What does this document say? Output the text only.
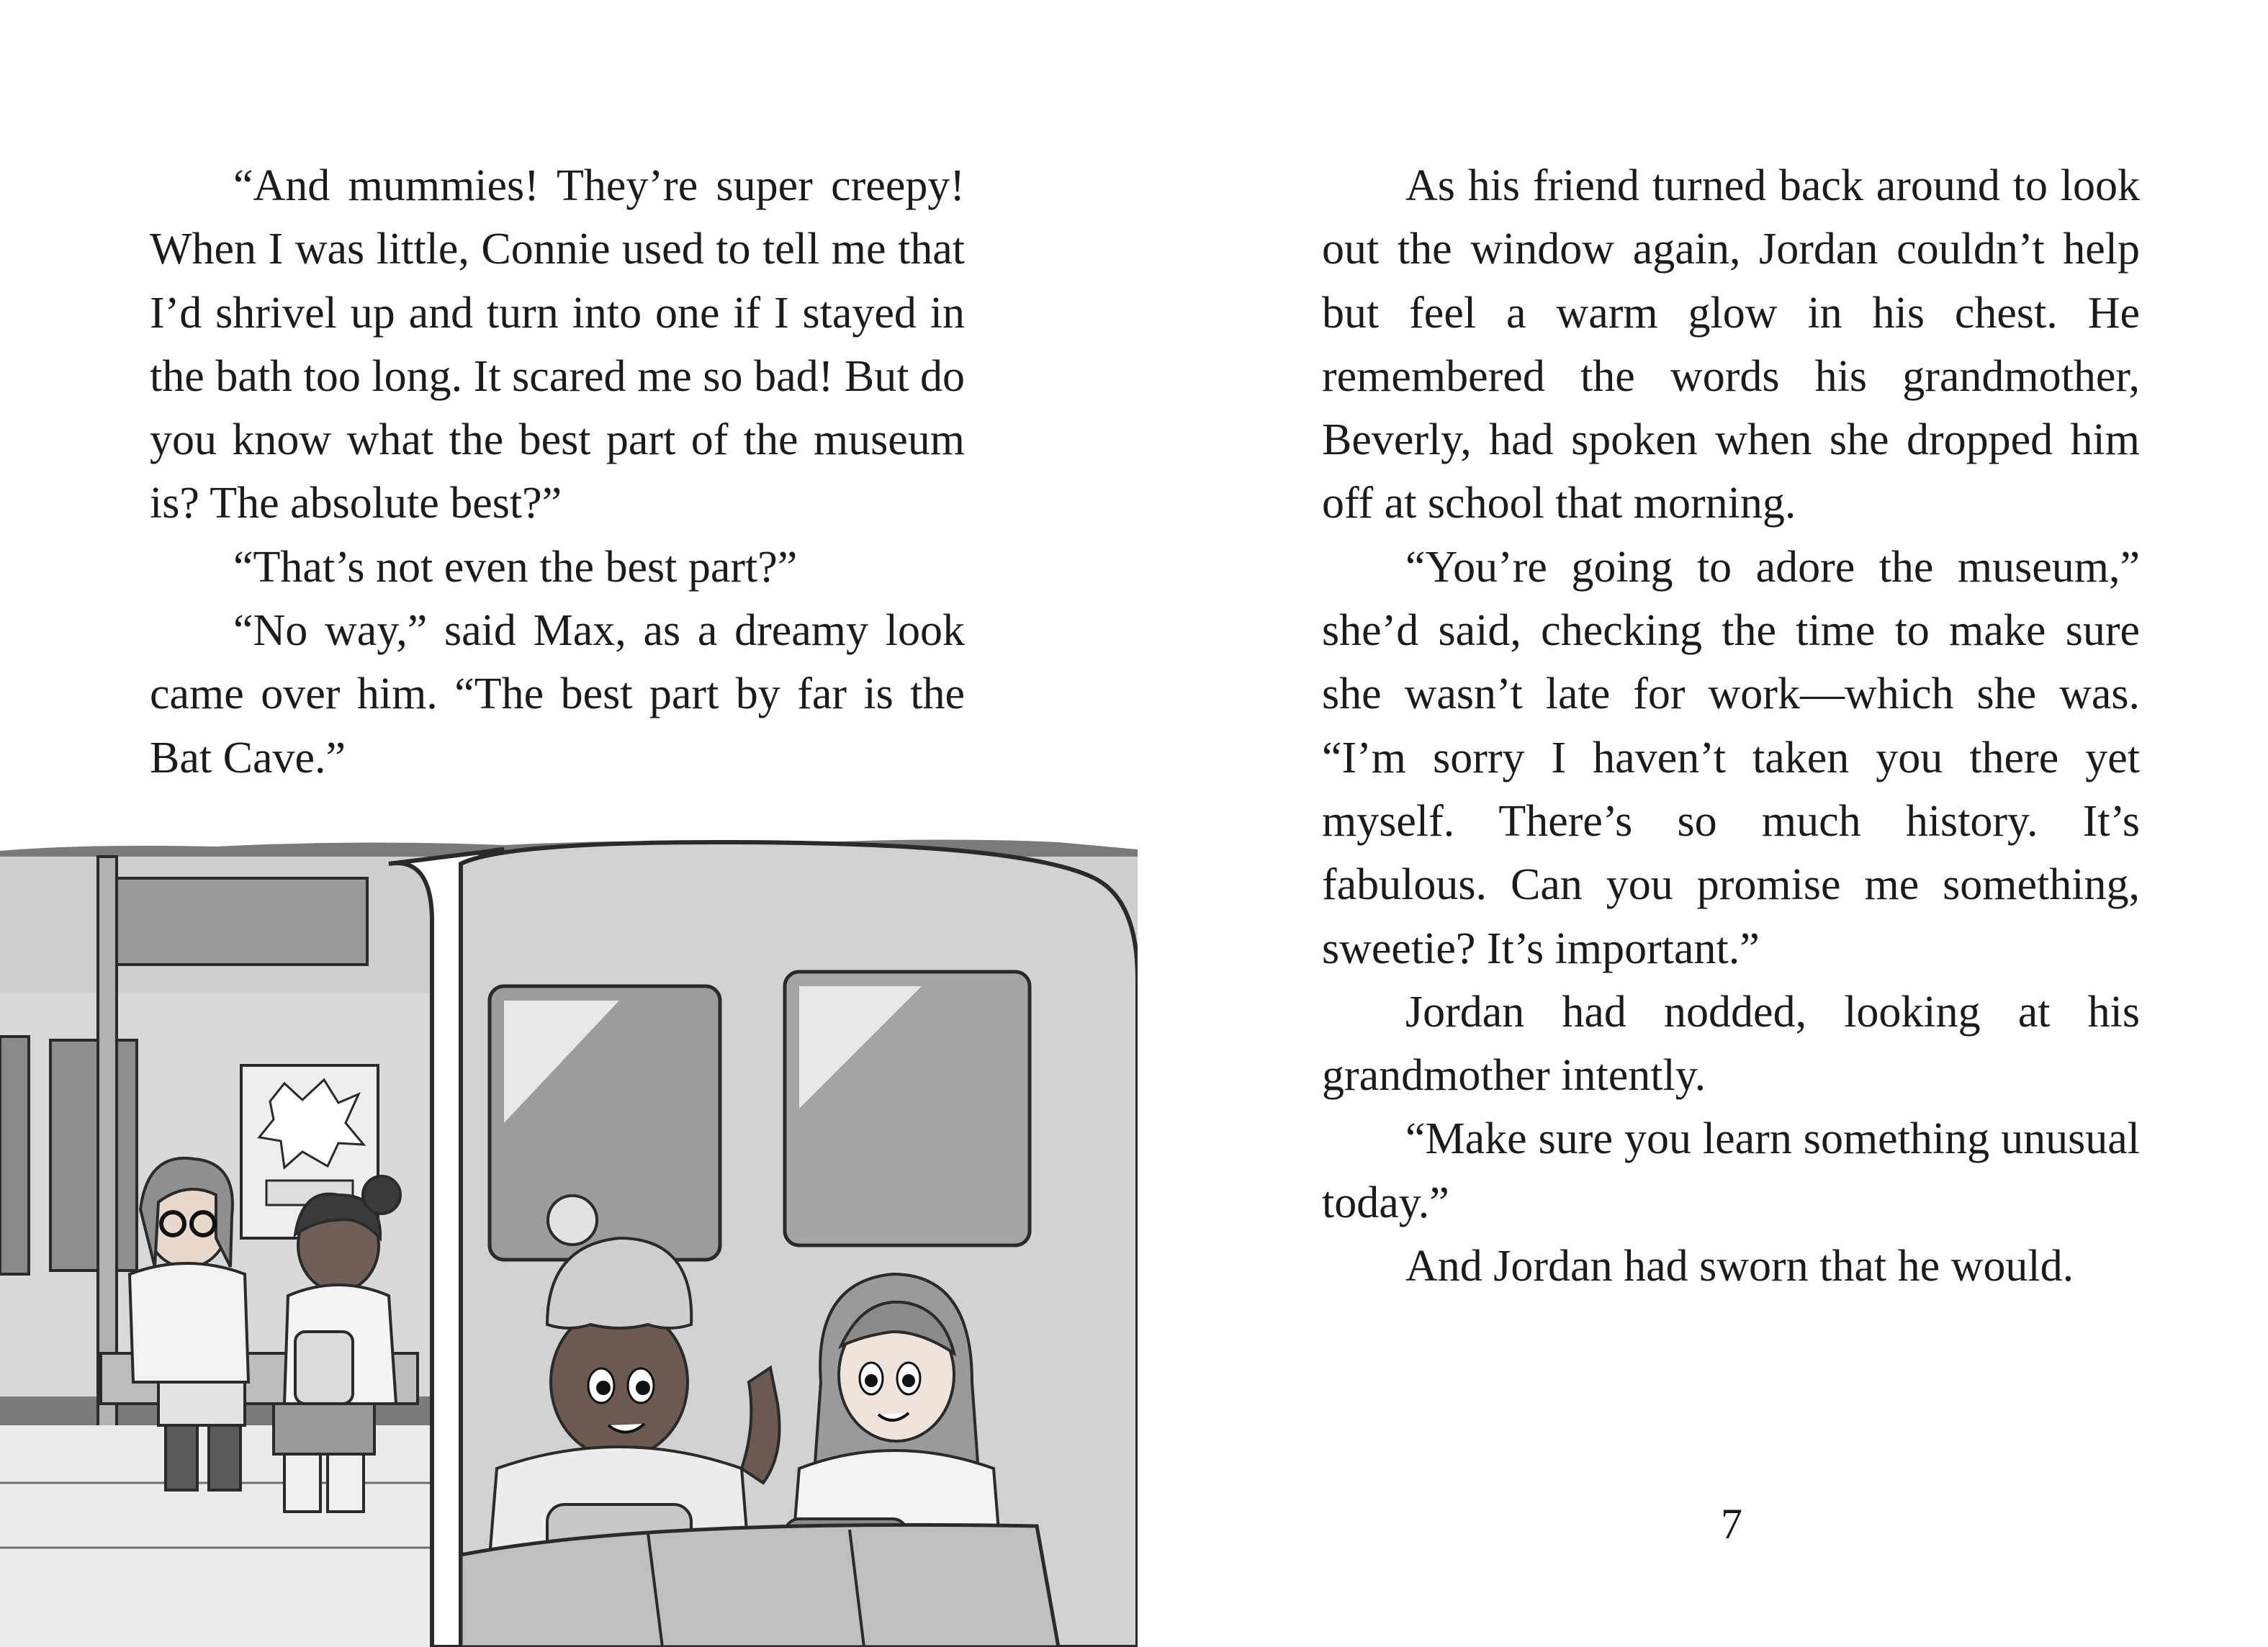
“And mummies! They’re super creepy! When I was little, Connie used to tell me that I’d shrivel up and turn into one if I stayed in the bath too long. It scared me so bad! But do you know what the best part of the museum is? The absolute best?”

“That’s not even the best part?”

“No way,” said Max, as a dreamy look came over him. “The best part by far is the Bat Cave.”

As his friend turned back around to look out the window again, Jordan couldn’t help but feel a warm glow in his chest. He remembered the words his grandmother, Beverly, had spoken when she dropped him off at school that morning.

“You’re going to adore the museum,” she’d said, checking the time to make sure she wasn’t late for work—which she was. “I’m sorry I haven’t taken you there yet myself. There’s so much history. It’s fabulous. Can you promise me something, sweetie? It’s important.”

Jordan had nodded, looking at his grandmother intently.

“Make sure you learn something unusual today.”

And Jordan had sworn that he would.

7
